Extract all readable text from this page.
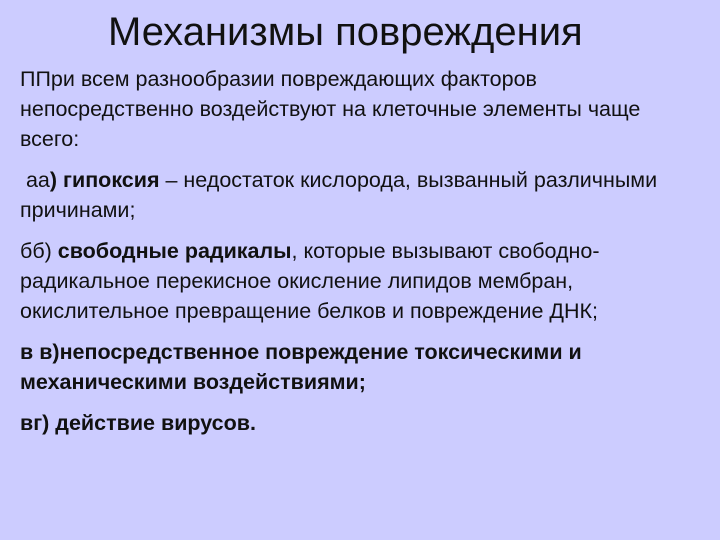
Механизмы повреждения

ППри всем разнообразии повреждающих факторов непосредственно воздействуют на клеточные элементы чаще всего:

аа) гипоксия – недостаток кислорода, вызванный различными причинами;

бб) свободные радикалы, которые вызывают свободно-радикальное перекисное окисление липидов мембран, окислительное превращение белков и повреждение ДНК;

в в)непосредственное повреждение токсическими и механическими воздействиями;

вг) действие вирусов.
